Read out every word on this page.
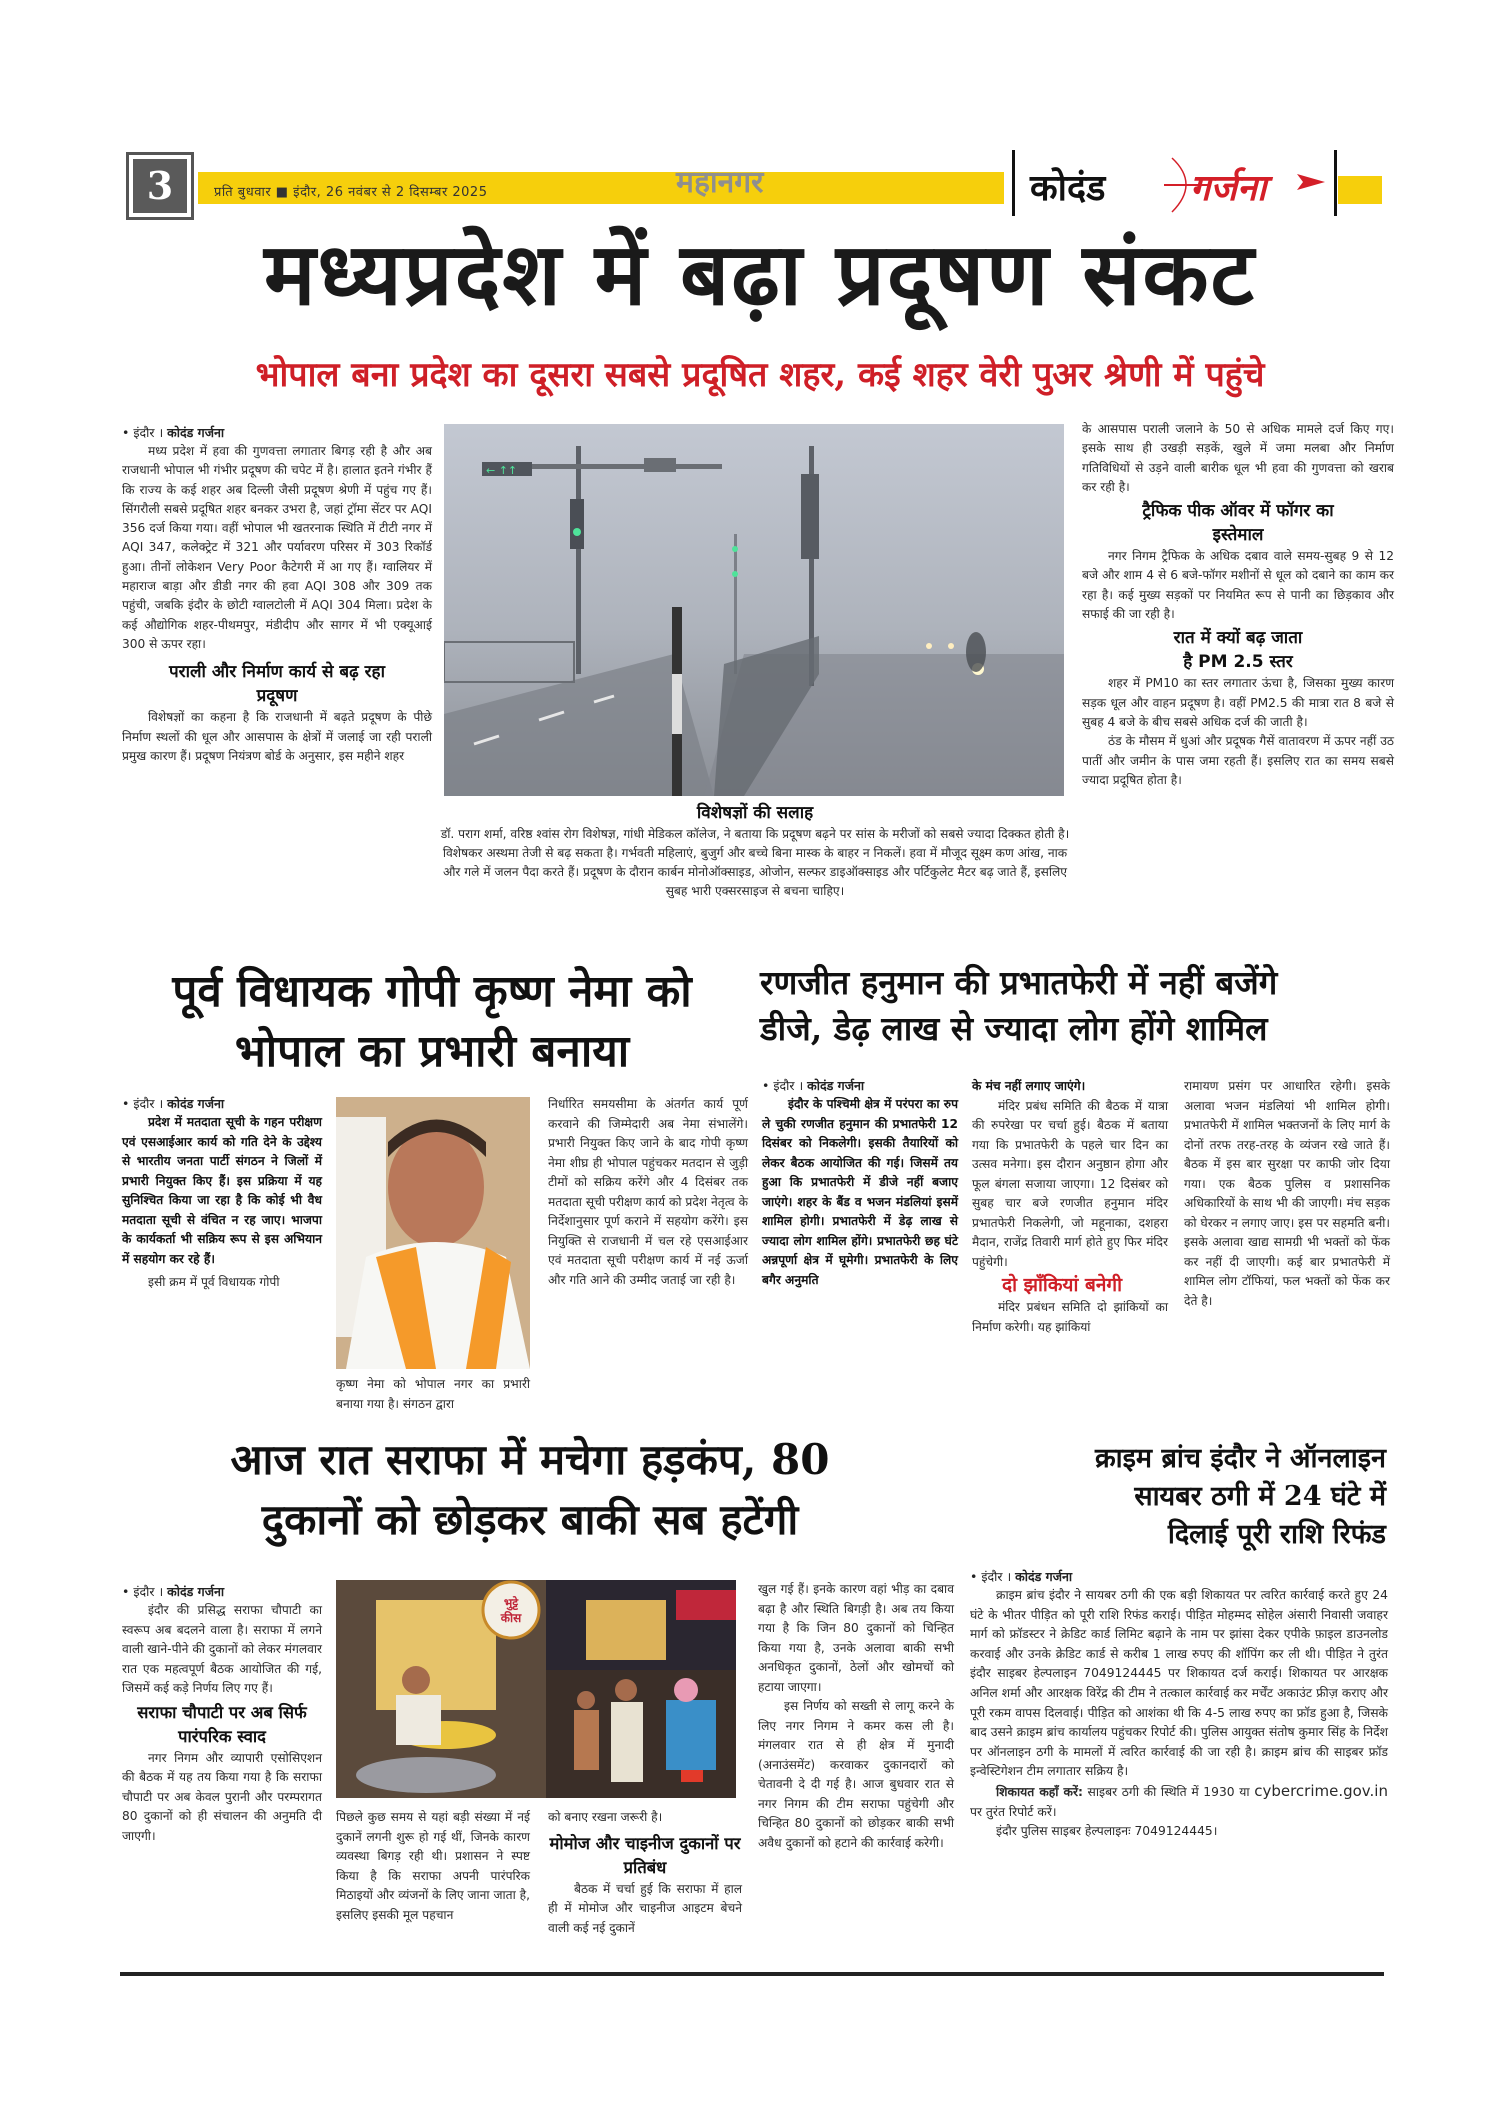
3	प्रति बुधवार ■ इंदौर, 26 नवंबर से 2 दिसम्बर 2025	महानगर	कोदंड गर्जना
मध्यप्रदेश में बढ़ा प्रदूषण संकट
भोपाल बना प्रदेश का दूसरा सबसे प्रदूषित शहर, कई शहर वेरी पुअर श्रेणी में पहुंचे
• इंदौर । कोदंड गर्जना

मध्य प्रदेश में हवा की गुणवत्ता लगातार बिगड़ रही है और अब राजधानी भोपाल भी गंभीर प्रदूषण की चपेट में है। हालात इतने गंभीर हैं कि राज्य के कई शहर अब दिल्ली जैसी प्रदूषण श्रेणी में पहुंच गए हैं। सिंगरौली सबसे प्रदूषित शहर बनकर उभरा है, जहां ट्रॉमा सेंटर पर AQI 356 दर्ज किया गया। वहीं भोपाल भी खतरनाक स्थिति में टीटी नगर में AQI 347, कलेक्ट्रेट में 321 और पर्यावरण परिसर में 303 रिकॉर्ड हुआ। तीनों लोकेशन Very Poor कैटेगरी में आ गए हैं। ग्वालियर में महाराज बाड़ा और डीडी नगर की हवा AQI 308 और 309 तक पहुंची, जबकि इंदौर के छोटी ग्वालटोली में AQI 304 मिला। प्रदेश के कई औद्योगिक शहर-पीथमपुर, मंडीदीप और सागर में भी एक्यूआई 300 से ऊपर रहा।

पराली और निर्माण कार्य से बढ़ रहा प्रदूषण

विशेषज्ञों का कहना है कि राजधानी में बढ़ते प्रदूषण के पीछे निर्माण स्थलों की धूल और आसपास के क्षेत्रों में जलाई जा रही पराली प्रमुख कारण हैं। प्रदूषण नियंत्रण बोर्ड के अनुसार, इस महीने शहर

← ↑↑
विशेषज्ञों की सलाह
डॉ. पराग शर्मा, वरिष्ठ श्वांस रोग विशेषज्ञ, गांधी मेडिकल कॉलेज, ने बताया कि प्रदूषण बढ़ने पर सांस के मरीजों को सबसे ज्यादा दिक्कत होती है। विशेषकर अस्थमा तेजी से बढ़ सकता है। गर्भवती महिलाएं, बुजुर्ग और बच्चे बिना मास्क के बाहर न निकलें। हवा में मौजूद सूक्ष्म कण आंख, नाक और गले में जलन पैदा करते हैं। प्रदूषण के दौरान कार्बन मोनोऑक्साइड, ओजोन, सल्फर डाइऑक्साइड और पर्टिकुलेट मैटर बढ़ जाते हैं, इसलिए सुबह भारी एक्सरसाइज से बचना चाहिए।

के आसपास पराली जलाने के 50 से अधिक मामले दर्ज किए गए। इसके साथ ही उखड़ी सड़कें, खुले में जमा मलबा और निर्माण गतिविधियों से उड़ने वाली बारीक धूल भी हवा की गुणवत्ता को खराब कर रही है।

ट्रैफिक पीक ऑवर में फॉगर का इस्तेमाल

नगर निगम ट्रैफिक के अधिक दबाव वाले समय-सुबह 9 से 12 बजे और शाम 4 से 6 बजे-फॉगर मशीनों से धूल को दबाने का काम कर रहा है। कई मुख्य सड़कों पर नियमित रूप से पानी का छिड़काव और सफाई की जा रही है।

रात में क्यों बढ़ जाता
है PM 2.5 स्तर

शहर में PM10 का स्तर लगातार ऊंचा है, जिसका मुख्य कारण सड़क धूल और वाहन प्रदूषण है। वहीं PM2.5 की मात्रा रात 8 बजे से सुबह 4 बजे के बीच सबसे अधिक दर्ज की जाती है।

ठंड के मौसम में धुआं और प्रदूषक गैसें वातावरण में ऊपर नहीं उठ पातीं और जमीन के पास जमा रहती हैं। इसलिए रात का समय सबसे ज्यादा प्रदूषित होता है।

पूर्व विधायक गोपी कृष्ण नेमा को
भोपाल का प्रभारी बनाया
• इंदौर । कोदंड गर्जना

प्रदेश में मतदाता सूची के गहन परीक्षण एवं एसआईआर कार्य को गति देने के उद्देश्य से भारतीय जनता पार्टी संगठन ने जिलों में प्रभारी नियुक्त किए हैं। इस प्रक्रिया में यह सुनिश्चित किया जा रहा है कि कोई भी वैध मतदाता सूची से वंचित न रह जाए। भाजपा के कार्यकर्ता भी सक्रिय रूप से इस अभियान में सहयोग कर रहे हैं।

इसी क्रम में पूर्व विधायक गोपी

कृष्ण नेमा को भोपाल नगर का प्रभारी बनाया गया है। संगठन द्वारा

निर्धारित समयसीमा के अंतर्गत कार्य पूर्ण करवाने की जिम्मेदारी अब नेमा संभालेंगे। प्रभारी नियुक्त किए जाने के बाद गोपी कृष्ण नेमा शीघ्र ही भोपाल पहुंचकर मतदान से जुड़ी टीमों को सक्रिय करेंगे और 4 दिसंबर तक मतदाता सूची परीक्षण कार्य को प्रदेश नेतृत्व के निर्देशानुसार पूर्ण कराने में सहयोग करेंगे। इस नियुक्ति से राजधानी में चल रहे एसआईआर एवं मतदाता सूची परीक्षण कार्य में नई ऊर्जा और गति आने की उम्मीद जताई जा रही है।

रणजीत हनुमान की प्रभातफेरी में नहीं बजेंगे
डीजे, डेढ़ लाख से ज्यादा लोग होंगे शामिल
• इंदौर । कोदंड गर्जना

इंदौर के पश्चिमी क्षेत्र में परंपरा का रुप ले चुकी रणजीत हनुमान की प्रभातफेरी 12 दिसंबर को निकलेगी। इसकी तैयारियों को लेकर बैठक आयोजित की गई। जिसमें तय हुआ कि प्रभातफेरी में डीजे नहीं बजाए जाएंगे। शहर के बैंड व भजन मंडलियां इसमें शामिल होगी। प्रभातफेरी में डेढ़ लाख से ज्यादा लोग शामिल होंगे। प्रभातफेरी छह घंटे अन्नपूर्णा क्षेत्र में घूमेगी। प्रभातफेरी के लिए बगैर अनुमति

के मंच नहीं लगाए जाएंगे।

मंदिर प्रबंध समिति की बैठक में यात्रा की रुपरेखा पर चर्चा हुई। बैठक में बताया गया कि प्रभातफेरी के पहले चार दिन का उत्सव मनेगा। इस दौरान अनुष्ठान होगा और फूल बंगला सजाया जाएगा। 12 दिसंबर को सुबह चार बजे रणजीत हनुमान मंदिर प्रभातफेरी निकलेगी, जो महूनाका, दशहरा मैदान, राजेंद्र तिवारी मार्ग होते हुए फिर मंदिर पहुंचेगी।

दो झाँकियां बनेगी

मंदिर प्रबंधन समिति दो झांकियों का निर्माण करेगी। यह झांकियां

रामायण प्रसंग पर आधारित रहेगी। इसके अलावा भजन मंडलियां भी शामिल होगी। प्रभातफेरी में शामिल भक्तजनों के लिए मार्ग के दोनों तरफ तरह-तरह के व्यंजन रखे जाते हैं। बैठक में इस बार सुरक्षा पर काफी जोर दिया गया। एक बैठक पुलिस व प्रशासनिक अधिकारियों के साथ भी की जाएगी। मंच सड़क को घेरकर न लगाए जाए। इस पर सहमति बनी। इसके अलावा खाद्य सामग्री भी भक्तों को फेंक कर नहीं दी जाएगी। कई बार प्रभातफेरी में शामिल लोग टॉफियां, फल भक्तों को फेंक कर देते है।

आज रात सराफा में मचेगा हड़कंप, 80
दुकानों को छोड़कर बाकी सब हटेंगी
• इंदौर । कोदंड गर्जना

इंदौर की प्रसिद्ध सराफा चौपाटी का स्वरूप अब बदलने वाला है। सराफा में लगने वाली खाने-पीने की दुकानों को लेकर मंगलवार रात एक महत्वपूर्ण बैठक आयोजित की गई, जिसमें कई कड़े निर्णय लिए गए हैं।

सराफा चौपाटी पर अब सिर्फ पारंपरिक स्वाद

नगर निगम और व्यापारी एसोसिएशन की बैठक में यह तय किया गया है कि सराफा चौपाटी पर अब केवल पुरानी और परम्परागत 80 दुकानों को ही संचालन की अनुमति दी जाएगी।

भुट्टे
कीस

पिछले कुछ समय से यहां बड़ी संख्या में नई दुकानें लगनी शुरू हो गई थीं, जिनके कारण व्यवस्था बिगड़ रही थी। प्रशासन ने स्पष्ट किया है कि सराफा अपनी पारंपरिक मिठाइयों और व्यंजनों के लिए जाना जाता है, इसलिए इसकी मूल पहचान

को बनाए रखना जरूरी है।

मोमोज और चाइनीज दुकानों पर प्रतिबंध

बैठक में चर्चा हुई कि सराफा में हाल ही में मोमोज और चाइनीज आइटम बेचने वाली कई नई दुकानें

खुल गई हैं। इनके कारण वहां भीड़ का दबाव बढ़ा है और स्थिति बिगड़ी है। अब तय किया गया है कि जिन 80 दुकानों को चिन्हित किया गया है, उनके अलावा बाकी सभी अनधिकृत दुकानों, ठेलों और खोमचों को हटाया जाएगा।

इस निर्णय को सख्ती से लागू करने के लिए नगर निगम ने कमर कस ली है। मंगलवार रात से ही क्षेत्र में मुनादी (अनाउंसमेंट) करवाकर दुकानदारों को चेतावनी दे दी गई है। आज बुधवार रात से नगर निगम की टीम सराफा पहुंचेगी और चिन्हित 80 दुकानों को छोड़कर बाकी सभी अवैध दुकानों को हटाने की कार्रवाई करेगी।

क्राइम ब्रांच इंदौर ने ऑनलाइन
सायबर ठगी में 24 घंटे में
दिलाई पूरी राशि रिफंड
• इंदौर । कोदंड गर्जना

क्राइम ब्रांच इंदौर ने सायबर ठगी की एक बड़ी शिकायत पर त्वरित कार्रवाई करते हुए 24 घंटे के भीतर पीड़ित को पूरी राशि रिफंड कराई। पीड़ित मोहम्मद सोहेल अंसारी निवासी जवाहर मार्ग को फ्रॉडस्टर ने क्रेडिट कार्ड लिमिट बढ़ाने के नाम पर झांसा देकर एपीके फ़ाइल डाउनलोड करवाई और उनके क्रेडिट कार्ड से करीब 1 लाख रुपए की शॉपिंग कर ली थी। पीड़ित ने तुरंत इंदौर साइबर हेल्पलाइन 7049124445 पर शिकायत दर्ज कराई। शिकायत पर आरक्षक अनिल शर्मा और आरक्षक विरेंद्र की टीम ने तत्काल कार्रवाई कर मर्चेंट अकाउंट फ्रीज़ कराए और पूरी रकम वापस दिलवाई। पीड़ित को आशंका थी कि 4-5 लाख रुपए का फ्रॉड हुआ है, जिसके बाद उसने क्राइम ब्रांच कार्यालय पहुंचकर रिपोर्ट की। पुलिस आयुक्त संतोष कुमार सिंह के निर्देश पर ऑनलाइन ठगी के मामलों में त्वरित कार्रवाई की जा रही है। क्राइम ब्रांच की साइबर फ्रॉड इन्वेस्टिगेशन टीम लगातार सक्रिय है।

शिकायत कहाँ करें: साइबर ठगी की स्थिति में 1930 या cybercrime.gov.in पर तुरंत रिपोर्ट करें।

इंदौर पुलिस साइबर हेल्पलाइनः 7049124445।
